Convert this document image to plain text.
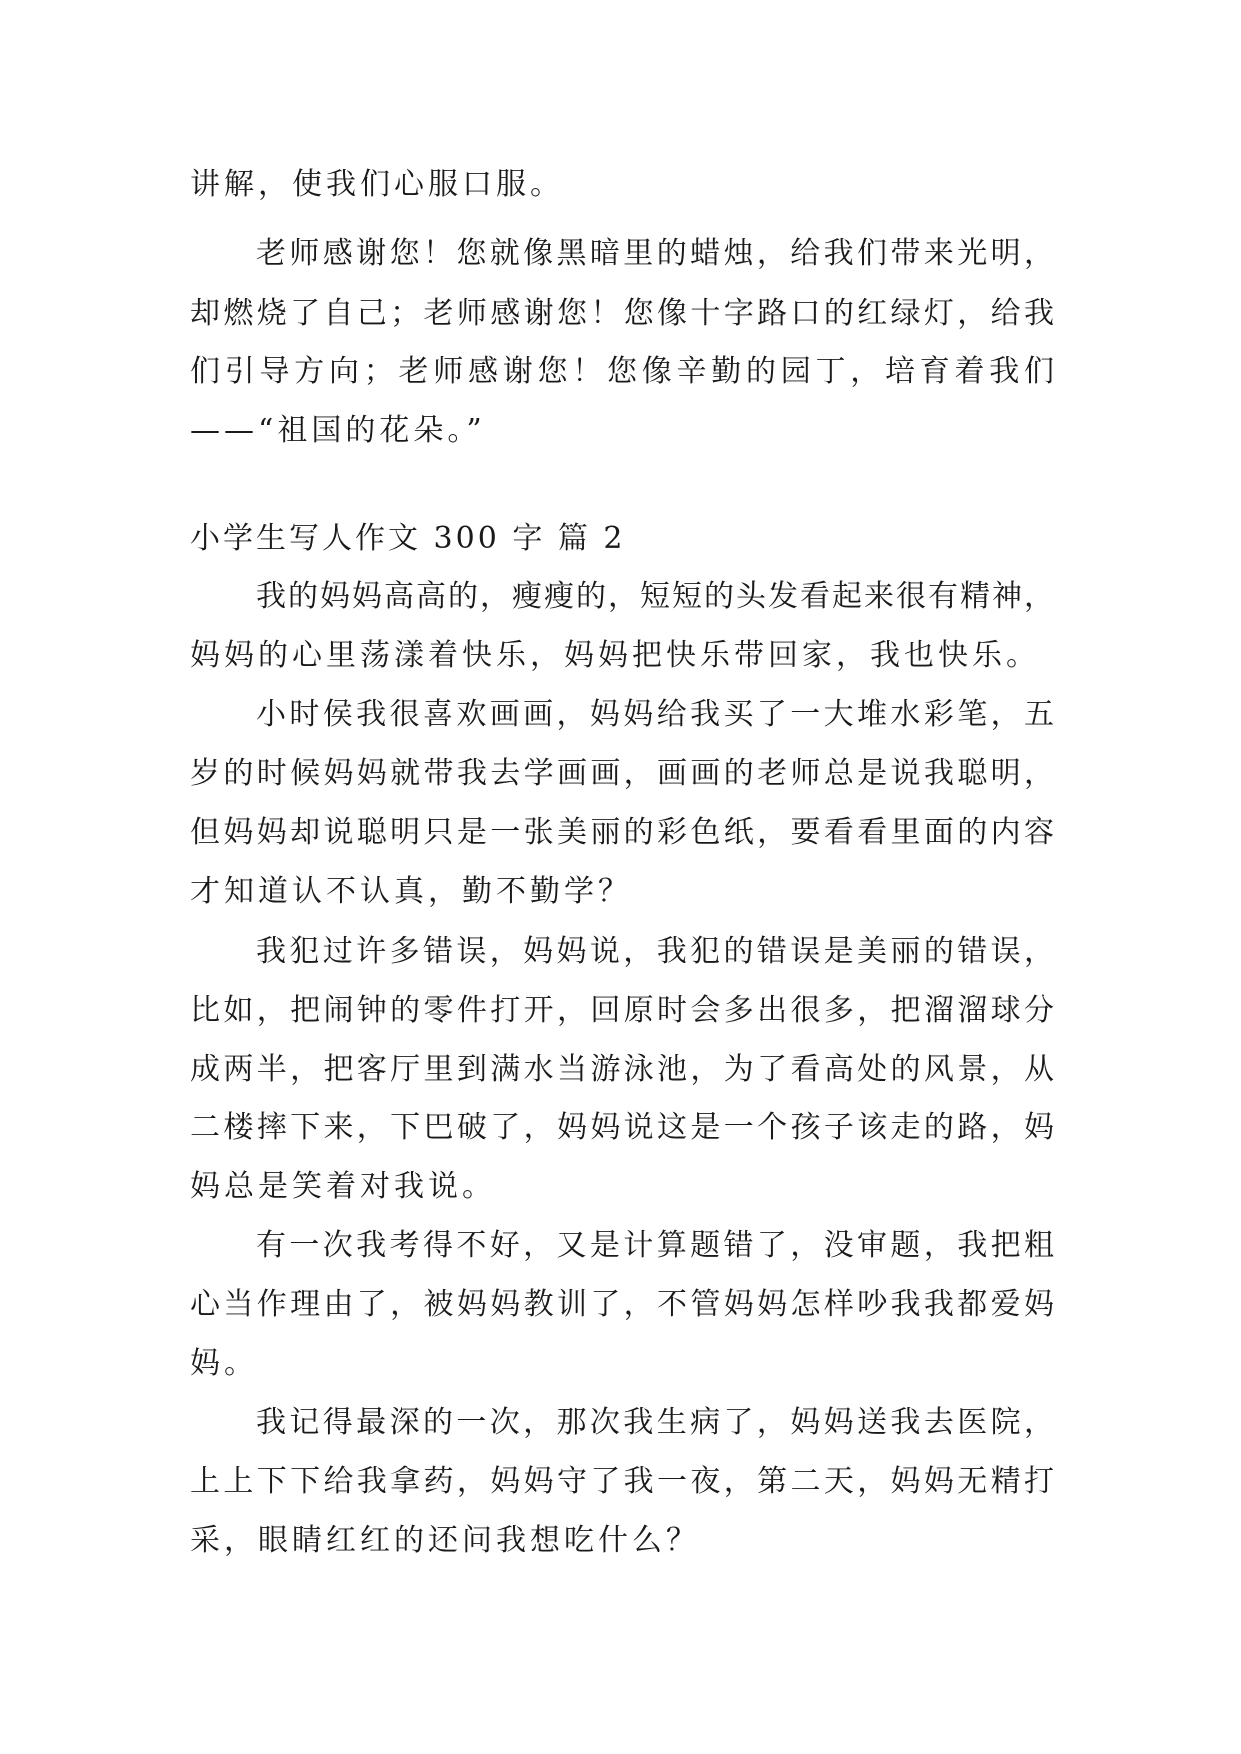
讲解，使我们心服口服。
老师感谢您！您就像黑暗里的蜡烛，给我们带来光明，
却燃烧了自己；老师感谢您！您像十字路口的红绿灯，给我
们引导方向；老师感谢您！您像辛勤的园丁，培育着我们
——“祖国的花朵。”
小学生写人作文 300 字 篇 2
我的妈妈高高的，瘦瘦的，短短的头发看起来很有精神，
妈妈的心里荡漾着快乐，妈妈把快乐带回家，我也快乐。
小时侯我很喜欢画画，妈妈给我买了一大堆水彩笔，五
岁的时候妈妈就带我去学画画，画画的老师总是说我聪明，
但妈妈却说聪明只是一张美丽的彩色纸，要看看里面的内容
才知道认不认真，勤不勤学？
我犯过许多错误，妈妈说，我犯的错误是美丽的错误，
比如，把闹钟的零件打开，回原时会多出很多，把溜溜球分
成两半，把客厅里到满水当游泳池，为了看高处的风景，从
二楼摔下来，下巴破了，妈妈说这是一个孩子该走的路，妈
妈总是笑着对我说。
有一次我考得不好，又是计算题错了，没审题，我把粗
心当作理由了，被妈妈教训了，不管妈妈怎样吵我我都爱妈
妈。
我记得最深的一次，那次我生病了，妈妈送我去医院，
上上下下给我拿药，妈妈守了我一夜，第二天，妈妈无精打
采，眼睛红红的还问我想吃什么？
